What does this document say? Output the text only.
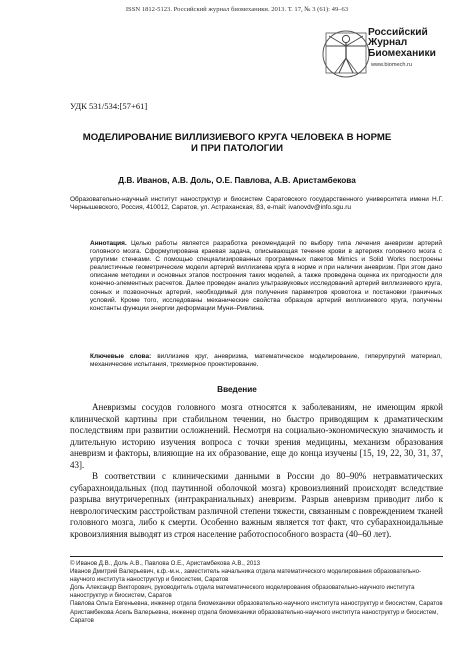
ISSN 1812-5123. Российский журнал биомеханики. 2013. Т. 17, № 3 (61): 49–63
Российский
Журнал
Биомеханики
www.biomech.ru
УДК 531/534:[57+61]
МОДЕЛИРОВАНИЕ ВИЛЛИЗИЕВОГО КРУГА ЧЕЛОВЕКА В НОРМЕ
И ПРИ ПАТОЛОГИИ
Д.В. Иванов, А.В. Доль, О.Е. Павлова, А.В. Аристамбекова
Образовательно-научный институт наноструктур и биосистем Саратовского государственного университета имени Н.Г. Чернышевского, Россия, 410012, Саратов, ул. Астраханская, 83, e-mail: ivanovdv@info.sgu.ru
Аннотация. Целью работы является разработка рекомендаций по выбору типа лечения аневризм артерий головного мозга. Сформулирована краевая задача, описывающая течение крови в артериях головного мозга с упругими стенками. С помощью специализированных программных пакетов Mimics и Solid Works построены реалистичные геометрические модели артерий виллизиева круга в норме и при наличии аневризм. При этом дано описание методики и основных этапов построения таких моделей, а также проведена оценка их пригодности для конечно-элементных расчетов. Далее проведен анализ ультразвуковых исследований артерий виллизиевого круга, сонных и позвоночных артерий, необходимый для получения параметров кровотока и постановки граничных условий. Кроме того, исследованы механические свойства образцов артерий виллизиевого круга, получены константы функции энергии деформации Муни–Ривлина.
Ключевые слова: виллизиев круг, аневризма, математическое моделирование, гиперупругий материал, механические испытания, трехмерное проектирование.
Введение

Аневризмы сосудов головного мозга относятся к заболеваниям, не имеющим яркой клинической картины при стабильном течении, но быстро приводящим к драматическим последствиям при развитии осложнений. Несмотря на социально-экономическую значимость и длительную историю изучения вопроса с точки зрения медицины, механизм образования аневризм и факторы, влияющие на их образование, еще до конца изучены [15, 19, 22, 30, 31, 37, 43].

В соответствии с клиническими данными в России до 80–90% нетравматических субарахноидальных (под паутинной оболочкой мозга) кровоизлияний происходят вследствие разрыва внутричерепных (интракраниальных) аневризм. Разрыв аневризм приводит либо к неврологическим расстройствам различной степени тяжести, связанным с повреждением тканей головного мозга, либо к смерти. Особенно важным является тот факт, что субарахноидальные кровоизлияния выводят из строя население работоспособного возраста (40–60 лет).

© Иванов Д.В., Доль А.В., Павлова О.Е., Аристамбекова А.В., 2013
Иванов Дмитрий Валерьевич, к.ф.-м.н., заместитель начальника отдела математического моделирования образовательно-научного института наноструктур и биосистем, Саратов
Доль Александр Викторович, руководитель отдела математического моделирования образовательно-научного института наноструктур и биосистем, Саратов
Павлова Ольга Евгеньевна, инженер отдела биомеханики образовательно-научного института наноструктур и биосистем, Саратов
Аристамбекова Асель Валерьевна, инженер отдела биомеханики образовательно-научного института наноструктур и биосистем, Саратов
